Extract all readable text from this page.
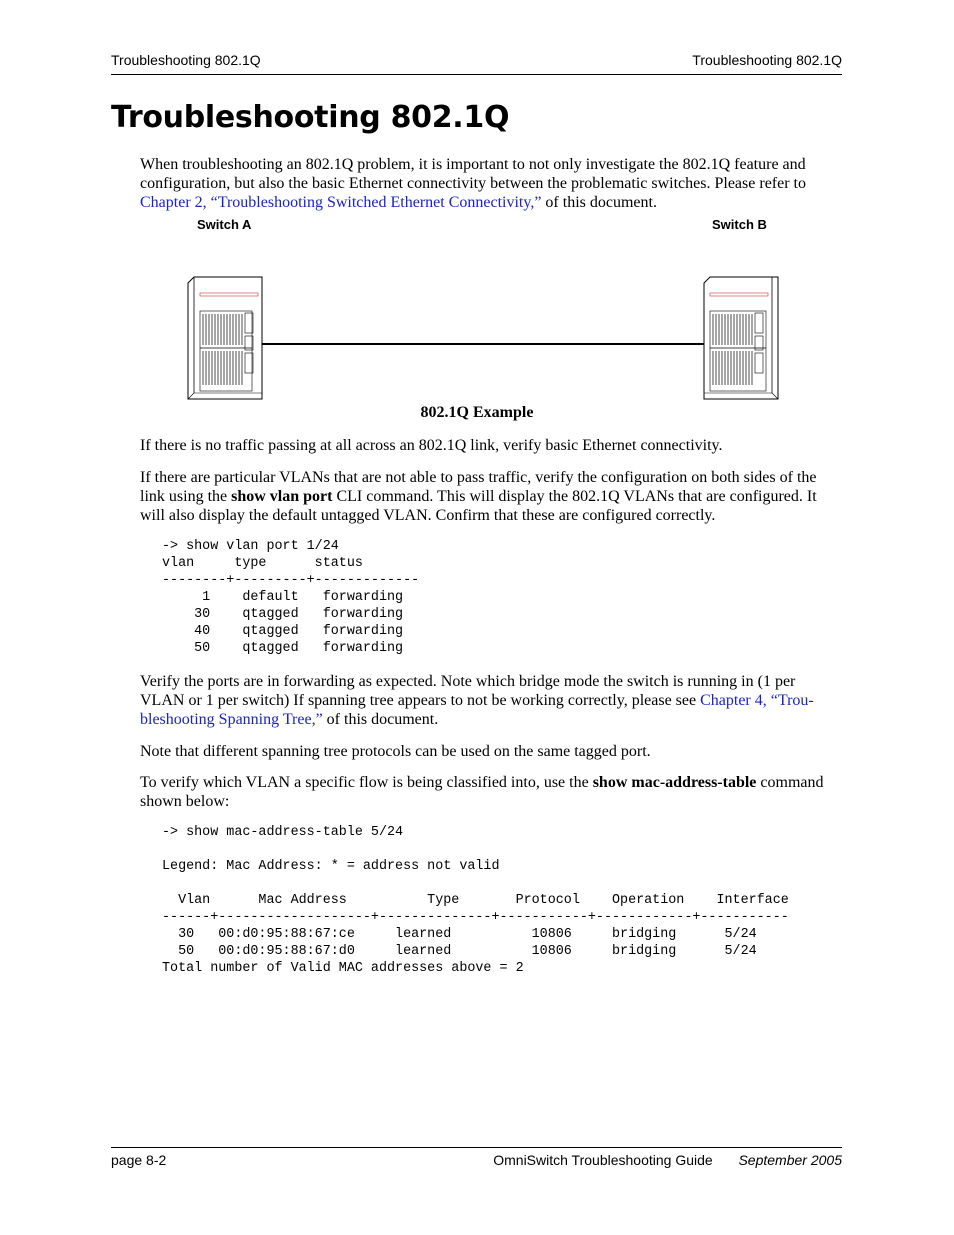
Troubleshooting 802.1Q	Troubleshooting 802.1Q
Troubleshooting 802.1Q
When troubleshooting an 802.1Q problem, it is important to not only investigate the 802.1Q feature and configuration, but also the basic Ethernet connectivity between the problematic switches. Please refer to Chapter 2, “Troubleshooting Switched Ethernet Connectivity,” of this document.
Switch A	Switch B
802.1Q Example
If there is no traffic passing at all across an 802.1Q link, verify basic Ethernet connectivity.
If there are particular VLANs that are not able to pass traffic, verify the configuration on both sides of the link using the show vlan port CLI command. This will display the 802.1Q VLANs that are configured. It will also display the default untagged VLAN. Confirm that these are configured correctly.
-> show vlan port 1/24
vlan     type      status
--------+---------+-------------
1    default   forwarding
30    qtagged   forwarding
40    qtagged   forwarding
50    qtagged   forwarding
Verify the ports are in forwarding as expected. Note which bridge mode the switch is running in (1 per VLAN or 1 per switch) If spanning tree appears to not be working correctly, please see Chapter 4, “Trou-bleshooting Spanning Tree,” of this document.
Note that different spanning tree protocols can be used on the same tagged port.
To verify which VLAN a specific flow is being classified into, use the show mac-address-table command shown below:
-> show mac-address-table 5/24

Legend: Mac Address: * = address not valid

Vlan      Mac Address          Type       Protocol    Operation    Interface
------+-------------------+--------------+-----------+------------+-----------
30   00:d0:95:88:67:ce     learned          10806     bridging      5/24
50   00:d0:95:88:67:d0     learned          10806     bridging      5/24
Total number of Valid MAC addresses above = 2
page 8-2	OmniSwitch Troubleshooting Guide September 2005
